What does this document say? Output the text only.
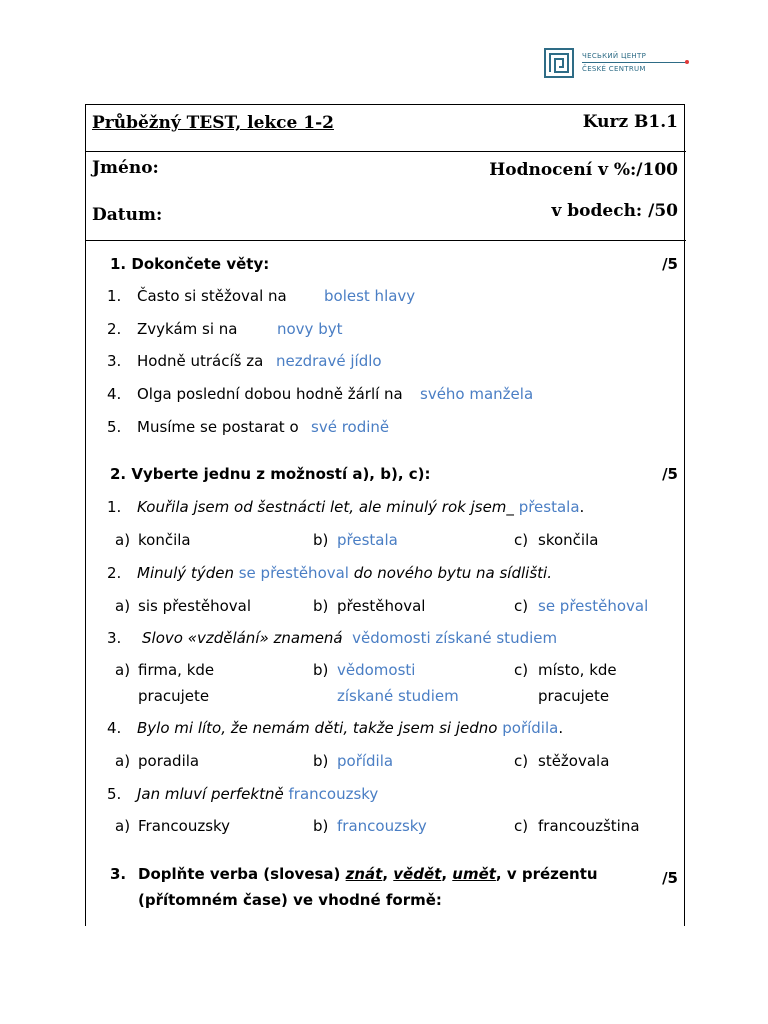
ЧЕСЬКИЙ ЦЕНТР
ČESKÉ CENTRUM
Průběžný TEST, lekce 1-2	Kurz B1.1
Jméno:	Hodnocení v %:/100
Datum:	v bodech: /50
1. Dokončete věty:	/5
1. Často si stěžoval na bolest hlavy
2. Zvykám si na	novy byt
3. Hodně utrácíš za nezdravé jídlo
4. Olga poslední dobou hodně žárlí na svého manžela
5. Musíme se postarat o své rodině
2. Vyberte jednu z možností a), b), c):	/5
1. Kouřila jsem od šestnácti let, ale minulý rok jsem_ přestala.
a) končila	b) přestala	c) skončila
2. Minulý týden se přestěhoval do nového bytu na sídlišti.
a) sis přestěhoval	b) přestěhoval	c) se přestěhoval
3. Slovo «vzdělání» znamená vědomosti získané studiem
a) firma, kde
pracujete
b) vědomosti
získané studiem
c) místo, kde
pracujete
4. Bylo mi líto, že nemám děti, takže jsem si jedno pořídila.
a) poradila	b) pořídila	c) stěžovala
5. Jan mluví perfektně francouzsky
a) Francouzsky	b) francouzsky	c) francouzština
3. Doplňte verba (slovesa) znát, vědět, umět, v prézentu
(přítomném čase) ve vhodné formě:
/5
